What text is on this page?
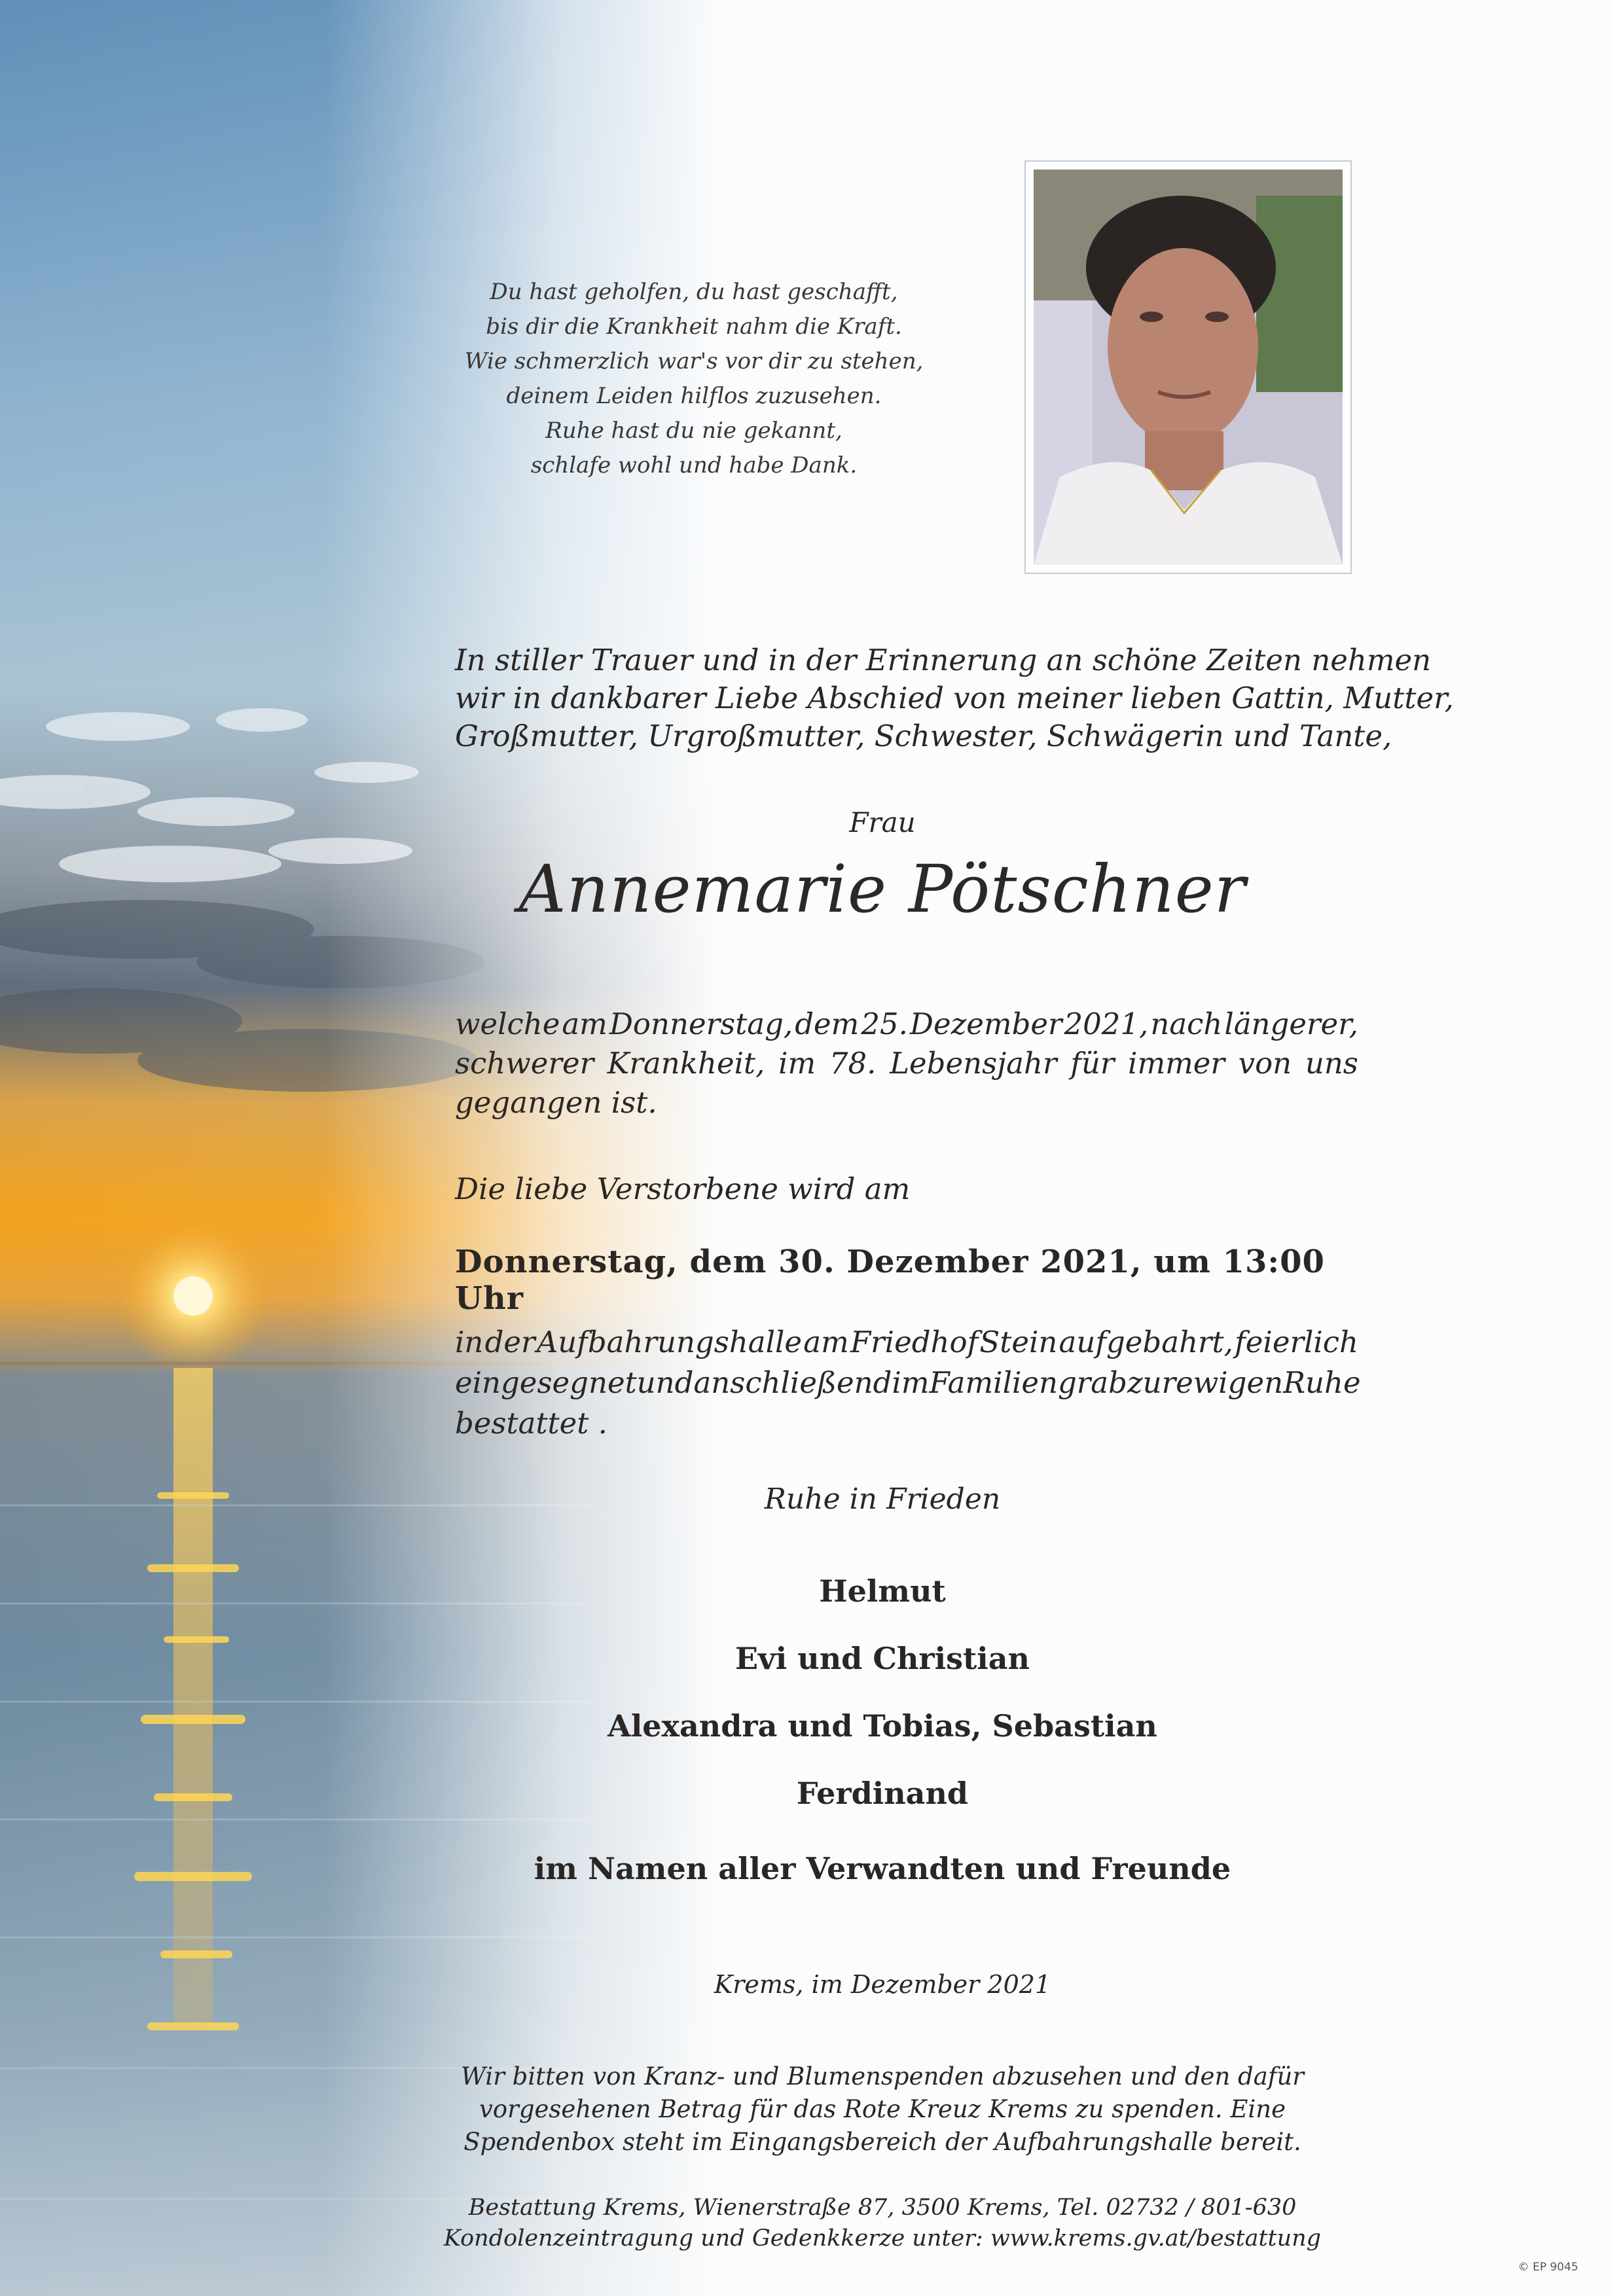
Du hast geholfen, du hast geschafft,
bis dir die Krankheit nahm die Kraft.
Wie schmerzlich war's vor dir zu stehen,
deinem Leiden hilflos zuzusehen.
Ruhe hast du nie gekannt,
schlafe wohl und habe Dank.
In stiller Trauer und in der Erinnerung an schöne Zeiten nehmen
wir in dankbarer Liebe Abschied von meiner lieben Gattin, Mutter,
Großmutter, Urgroßmutter, Schwester, Schwägerin und Tante,
Frau
Annemarie Pötschner
welche am Donnerstag, dem 25. Dezember 2021, nach längerer,
schwerer Krankheit, im 78. Lebensjahr für immer von uns
gegangen ist.
Die liebe Verstorbene wird am
Donnerstag, dem 30. Dezember 2021, um 13:00 Uhr
in der Aufbahrungshalle am Friedhof Stein aufgebahrt, feierlich
eingesegnet und anschließend im Familiengrab zur ewigen Ruhe
bestattet .
Ruhe in Frieden
Helmut
Evi und Christian
Alexandra und Tobias, Sebastian
Ferdinand
im Namen aller Verwandten und Freunde
Krems, im Dezember 2021
Wir bitten von Kranz- und Blumenspenden abzusehen und den dafür
vorgesehenen Betrag für das Rote Kreuz Krems zu spenden. Eine
Spendenbox steht im Eingangsbereich der Aufbahrungshalle bereit.
Bestattung Krems, Wienerstraße 87, 3500 Krems, Tel. 02732 / 801-630
Kondolenzeintragung und Gedenkkerze unter: www.krems.gv.at/bestattung
© EP 9045
